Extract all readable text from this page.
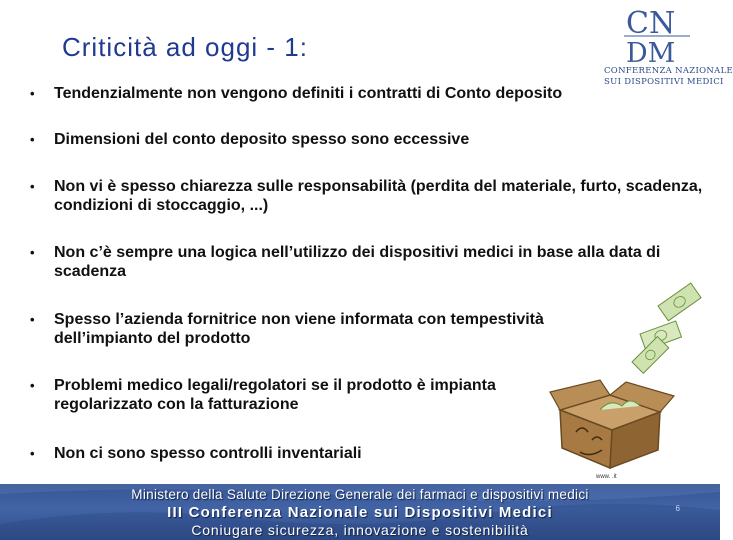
Criticità ad oggi - 1:
CN
DM
CONFERENZA NAZIONALE
SUI DISPOSITIVI MEDICI
•	Tendenzialmente non vengono definiti i contratti di Conto deposito
•	Dimensioni del conto deposito spesso sono eccessive
•	Non vi è spesso chiarezza sulle responsabilità (perdita del materiale, furto, scadenza, condizioni di stoccaggio, ...)
•	Non c’è sempre una logica nell’utilizzo dei dispositivi medici in base alla data di scadenza
•	Spesso l’azienda fornitrice non viene informata con tempestività dell’impianto del prodotto
•	Problemi medico legali/regolatori se il prodotto è impianta regolarizzato con la fatturazione
•	Non ci sono spesso controlli inventariali
www. .it
Ministero della Salute Direzione Generale dei farmaci e dispositivi medici
III Conferenza Nazionale sui Dispositivi Medici
Coniugare sicurezza, innovazione e sostenibilità
6
